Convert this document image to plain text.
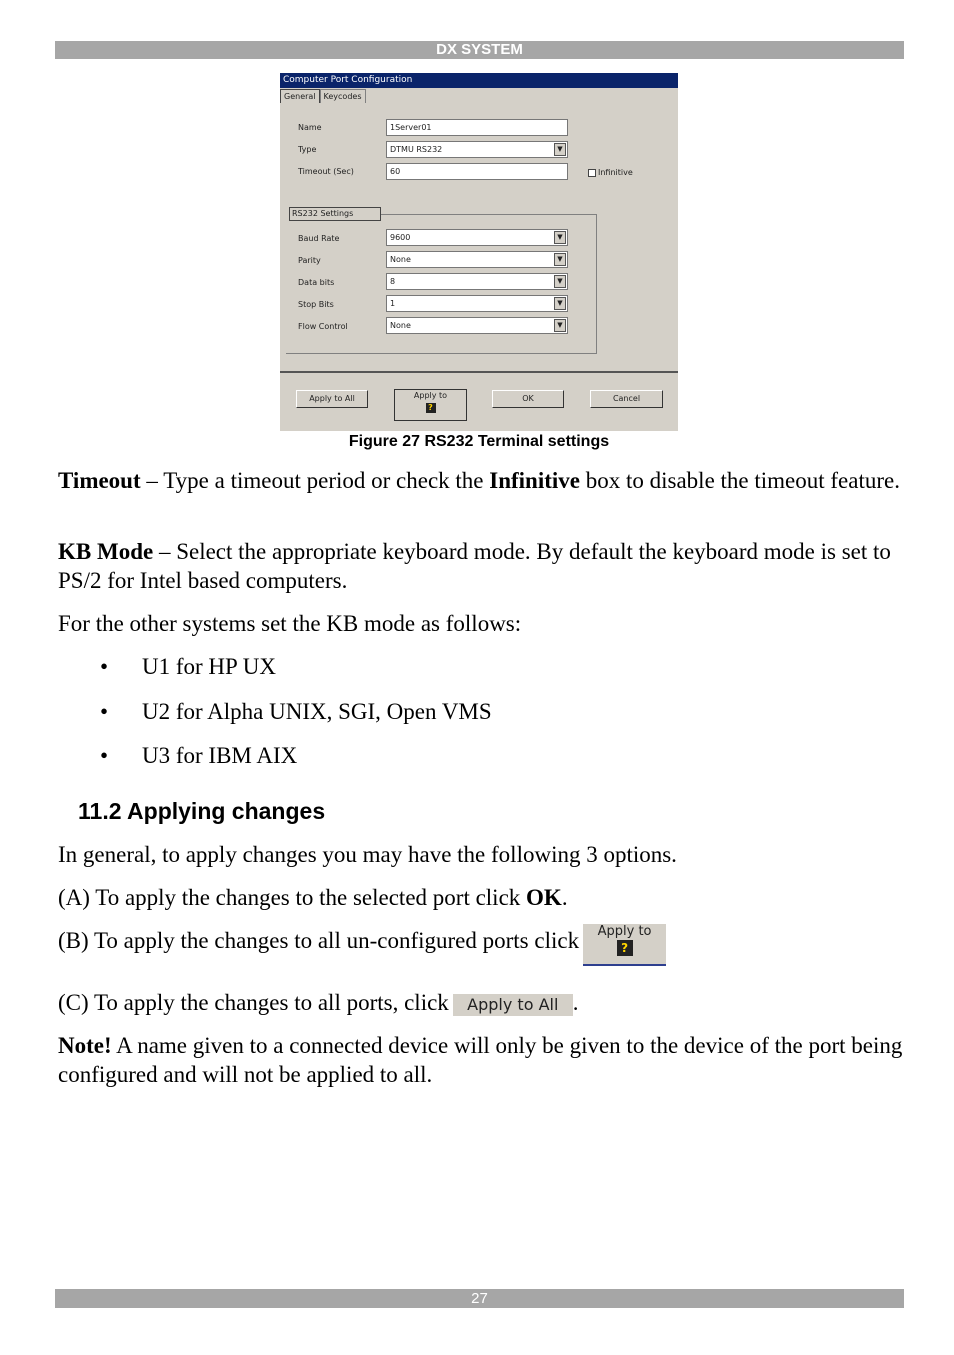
DX SYSTEM
Computer Port Configuration
General	Keycodes
Name	1Server01
Type	DTMU RS232	▼
Timeout (Sec)	60	Infinitive
RS232 Settings
Baud Rate	9600	▼
Parity	None	▼
Data bits	8	▼
Stop Bits	1	▼
Flow Control	None	▼
Apply to All	Apply to
?
OK	Cancel
Figure 27 RS232 Terminal settings
Timeout – Type a timeout period or check the Infinitive box to disable the timeout feature.
KB Mode – Select the appropriate keyboard mode. By default the keyboard mode is set to PS/2 for Intel based computers.
For the other systems set the KB mode as follows:
• U1 for HP UX
• U2 for Alpha UNIX, SGI, Open VMS
• U3 for IBM AIX
11.2 Applying changes
In general, to apply changes you may have the following 3 options.
(A) To apply the changes to the selected port click OK.
(B) To apply the changes to all un-configured ports click Apply to
?
(C) To apply the changes to all ports, click Apply to All .
Note! A name given to a connected device will only be given to the device of the port being configured and will not be applied to all.
27
